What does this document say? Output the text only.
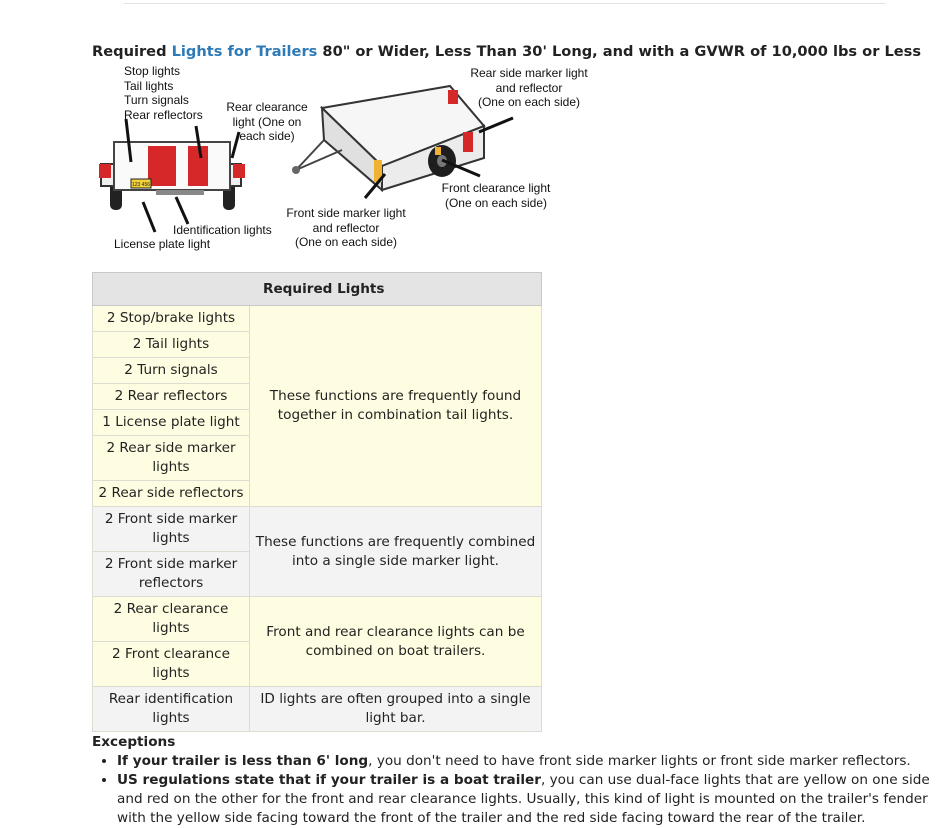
Required Lights for Trailers 80" or Wider, Less Than 30' Long, and with a GVWR of 10,000 lbs or Less
123 456
Stop lights
Tail lights
Turn signals
Rear reflectors
Rear clearance
light (One on
each side)
Identification lights
License plate light
Rear side marker light
and reflector
(One on each side)
Front clearance light
(One on each side)
Front side marker light
and reflector
(One on each side)
Required Lights	

2 Stop/brake lights	These functions are frequently found together in combination tail lights.
2 Tail lights	
2 Turn signals	
2 Rear reflectors	
1 License plate light	
2 Rear side marker lights	
2 Rear side reflectors	
2 Front side marker lights	These functions are frequently combined into a single side marker light.
2 Front side marker reflectors	
2 Rear clearance lights	Front and rear clearance lights can be combined on boat trailers.
2 Front clearance lights	
Rear identification lights	ID lights are often grouped into a single light bar.
Exceptions
• If your trailer is less than 6' long, you don't need to have front side marker lights or front side marker reflectors.
• US regulations state that if your trailer is a boat trailer, you can use dual-face lights that are yellow on one side and red on the other for the front and rear clearance lights. Usually, this kind of light is mounted on the trailer's fender with the yellow side facing toward the front of the trailer and the red side facing toward the rear of the trailer.
